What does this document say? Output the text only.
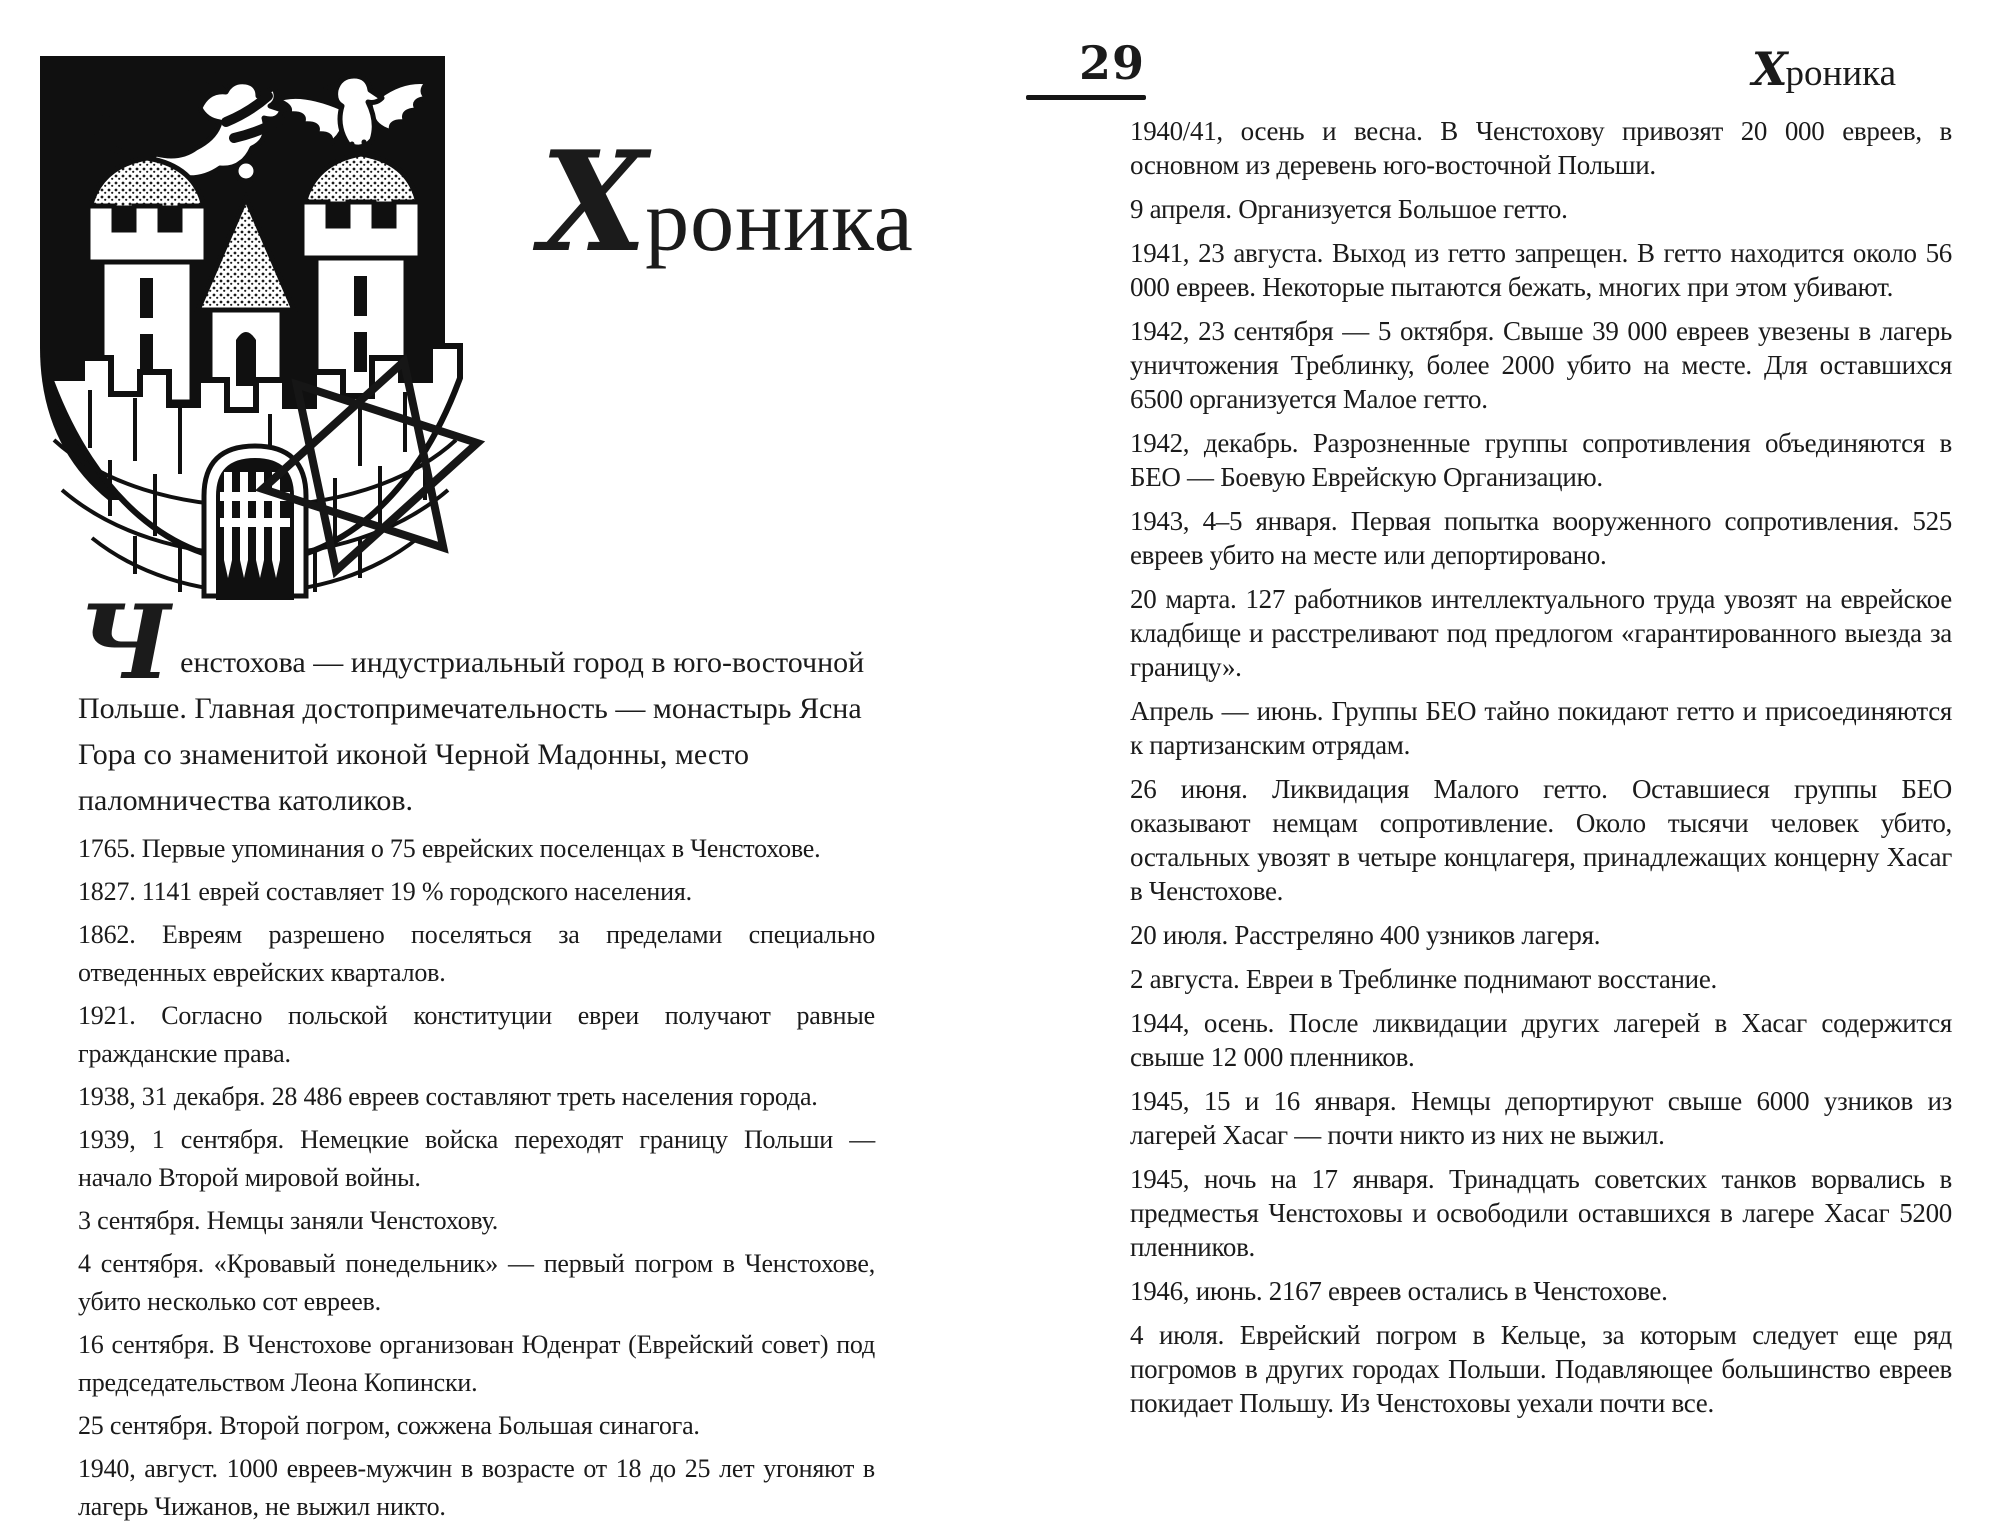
Хроника

Ченстохова — индустриальный город в юго-восточной Польше. Главная достопримечательность — монастырь Ясна Гора со знаменитой иконой Черной Мадонны, место паломничества католиков.

1765. Первые упоминания о 75 еврейских поселенцах в Ченстохове.

1827. 1141 еврей составляет 19 % городского населения.

1862. Евреям разрешено поселяться за пределами специально отведенных еврейских кварталов.

1921. Согласно польской конституции евреи получают равные гражданские права.

1938, 31 декабря. 28 486 евреев составляют треть населения города.

1939, 1 сентября. Немецкие войска переходят границу Польши — начало Второй мировой войны.

3 сентября. Немцы заняли Ченстохову.

4 сентября. «Кровавый понедельник» — первый погром в Ченстохове, убито несколько сот евреев.

16 сентября. В Ченстохове организован Юденрат (Еврейский совет) под председательством Леона Копински.

25 сентября. Второй погром, сожжена Большая синагога.

1940, август. 1000 евреев-мужчин в возрасте от 18 до 25 лет угоняют в лагерь Чижанов, не выжил никто.

29	Хроника

1940/41, осень и весна. В Ченстохову привозят 20 000 евреев, в основном из деревень юго-восточной Польши.

9 апреля. Организуется Большое гетто.

1941, 23 августа. Выход из гетто запрещен. В гетто находится около 56 000 евреев. Некоторые пытаются бежать, многих при этом убивают.

1942, 23 сентября — 5 октября. Свыше 39 000 евреев увезены в лагерь уничтожения Треблинку, более 2000 убито на месте. Для оставшихся 6500 организуется Малое гетто.

1942, декабрь. Разрозненные группы сопротивления объединяются в БЕО — Боевую Еврейскую Организацию.

1943, 4–5 января. Первая попытка вооруженного сопротивления. 525 евреев убито на месте или депортировано.

20 марта. 127 работников интеллектуального труда увозят на еврейское кладбище и расстреливают под предлогом «гарантированного выезда за границу».

Апрель — июнь. Группы БЕО тайно покидают гетто и присоединяются к партизанским отрядам.

26 июня. Ликвидация Малого гетто. Оставшиеся группы БЕО оказывают немцам сопротивление. Около тысячи человек убито, остальных увозят в четыре концлагеря, принадлежащих концерну Хасаг в Ченстохове.

20 июля. Расстреляно 400 узников лагеря.

2 августа. Евреи в Треблинке поднимают восстание.

1944, осень. После ликвидации других лагерей в Хасаг содержится свыше 12 000 пленников.

1945, 15 и 16 января. Немцы депортируют свыше 6000 узников из лагерей Хасаг — почти никто из них не выжил.

1945, ночь на 17 января. Тринадцать советских танков ворвались в предместья Ченстоховы и освободили оставшихся в лагере Хасаг 5200 пленников.

1946, июнь. 2167 евреев остались в Ченстохове.

4 июля. Еврейский погром в Кельце, за которым следует еще ряд погромов в других городах Польши. Подавляющее большинство евреев покидает Польшу. Из Ченстоховы уехали почти все.
